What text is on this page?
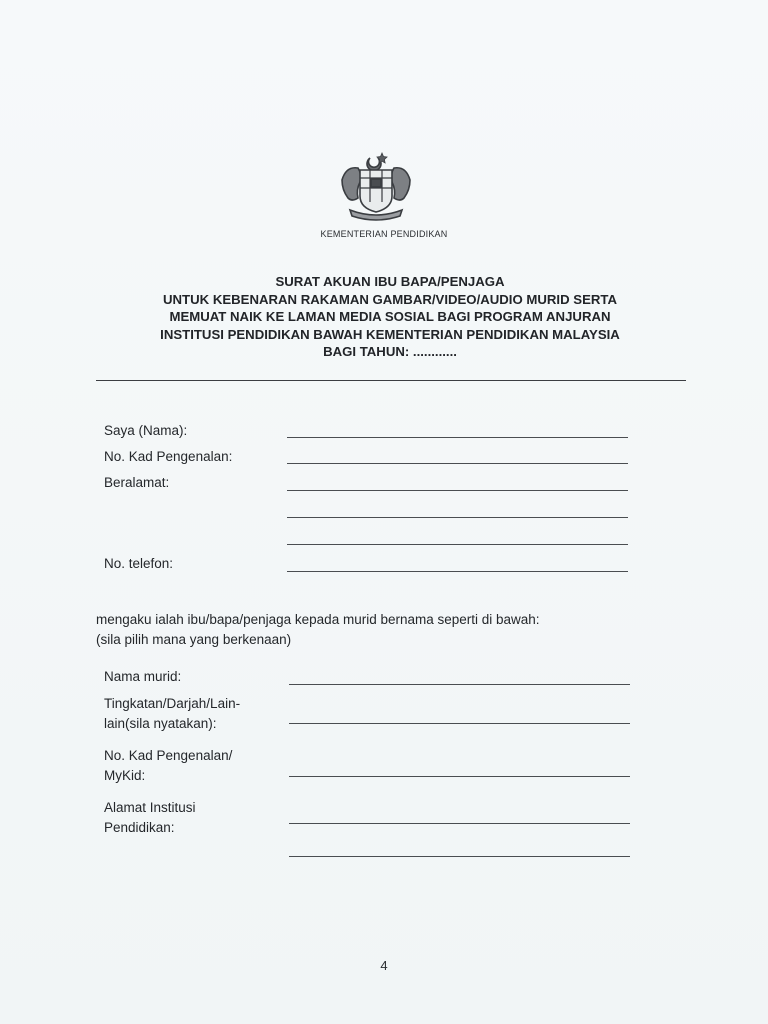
KEMENTERIAN PENDIDIKAN
SURAT AKUAN IBU BAPA/PENJAGA
UNTUK KEBENARAN RAKAMAN GAMBAR/VIDEO/AUDIO MURID SERTA
MEMUAT NAIK KE LAMAN MEDIA SOSIAL BAGI PROGRAM ANJURAN
INSTITUSI PENDIDIKAN BAWAH KEMENTERIAN PENDIDIKAN MALAYSIA
BAGI TAHUN: ............
Saya (Nama):
No. Kad Pengenalan:
Beralamat:
No. telefon:
mengaku ialah ibu/bapa/penjaga kepada murid bernama seperti di bawah:
(sila pilih mana yang berkenaan)
Nama murid:
Tingkatan/Darjah/Lain-
lain(sila nyatakan):
No. Kad Pengenalan/
MyKid:
Alamat Institusi
Pendidikan:
4
